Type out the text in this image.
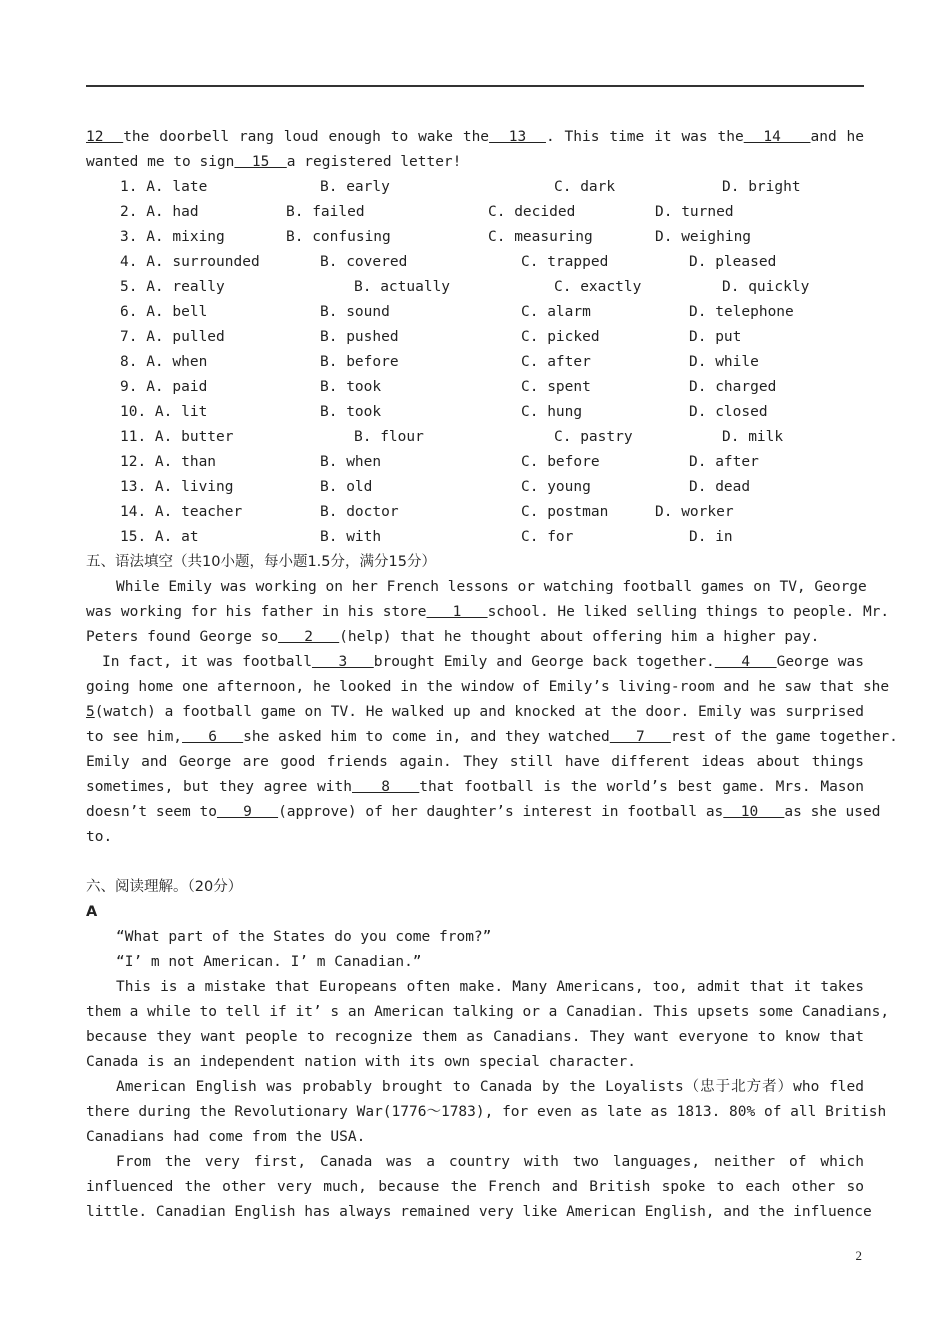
12  the doorbell rang loud enough to wake the  13  . This time it was the  14   and he
wanted me to sign  15  a registered letter!
1. A. late	B. early	C. dark	D. bright
2. A. had	B. failed	C. decided	D. turned
3. A. mixing	B. confusing	C. measuring	D. weighing
4. A. surrounded	B. covered	C. trapped	D. pleased
5. A. really	B. actually	C. exactly	D. quickly
6. A. bell	B. sound	C. alarm	D. telephone
7. A. pulled	B. pushed	C. picked	D. put
8. A. when	B. before	C. after	D. while
9. A. paid	B. took	C. spent	D. charged
10. A. lit	B. took	C. hung	D. closed
11. A. butter	B. flour	C. pastry	D. milk
12. A. than	B. when	C. before	D. after
13. A. living	B. old	C. young	D. dead
14. A. teacher	B. doctor	C. postman	D. worker
15. A. at	B. with	C. for	D. in
五、语法填空（共10小题，每小题1.5分，满分15分）
While Emily was working on her French lessons or watching football games on TV, George
was working for his father in his store   1   school. He liked selling things to people. Mr.
Peters found George so   2   (help) that he thought about offering him a higher pay.
In fact, it was football   3   brought Emily and George back together.   4   George was
going home one afternoon, he looked in the window of Emily’s living-room and he saw that she
5(watch) a football game on TV. He walked up and knocked at the door. Emily was surprised
to see him,   6   she asked him to come in, and they watched   7   rest of the game together.
Emily and George are good friends again. They still have different ideas about things
sometimes, but they agree with   8   that football is the world’s best game. Mrs. Mason
doesn’t seem to   9   (approve) of her daughter’s interest in football as  10   as she used
to.
六、阅读理解。（20分）
A
“What part of the States do you come from?”
“I’ m not American. I’ m Canadian.”
This is a mistake that Europeans often make. Many Americans, too, admit that it takes
them a while to tell if it’ s an American talking or a Canadian. This upsets some Canadians,
because they want people to recognize them as Canadians. They want everyone to know that
Canada is an independent nation with its own special character.
American English was probably brought to Canada by the Loyalists（忠于北方者）who fled
there during the Revolutionary War(1776～1783), for even as late as 1813. 80% of all British
Canadians had come from the USA.
From the very first, Canada was a country with two languages, neither of which
influenced the other very much, because the French and British spoke to each other so
little. Canadian English has always remained very like American English, and the influence
2
